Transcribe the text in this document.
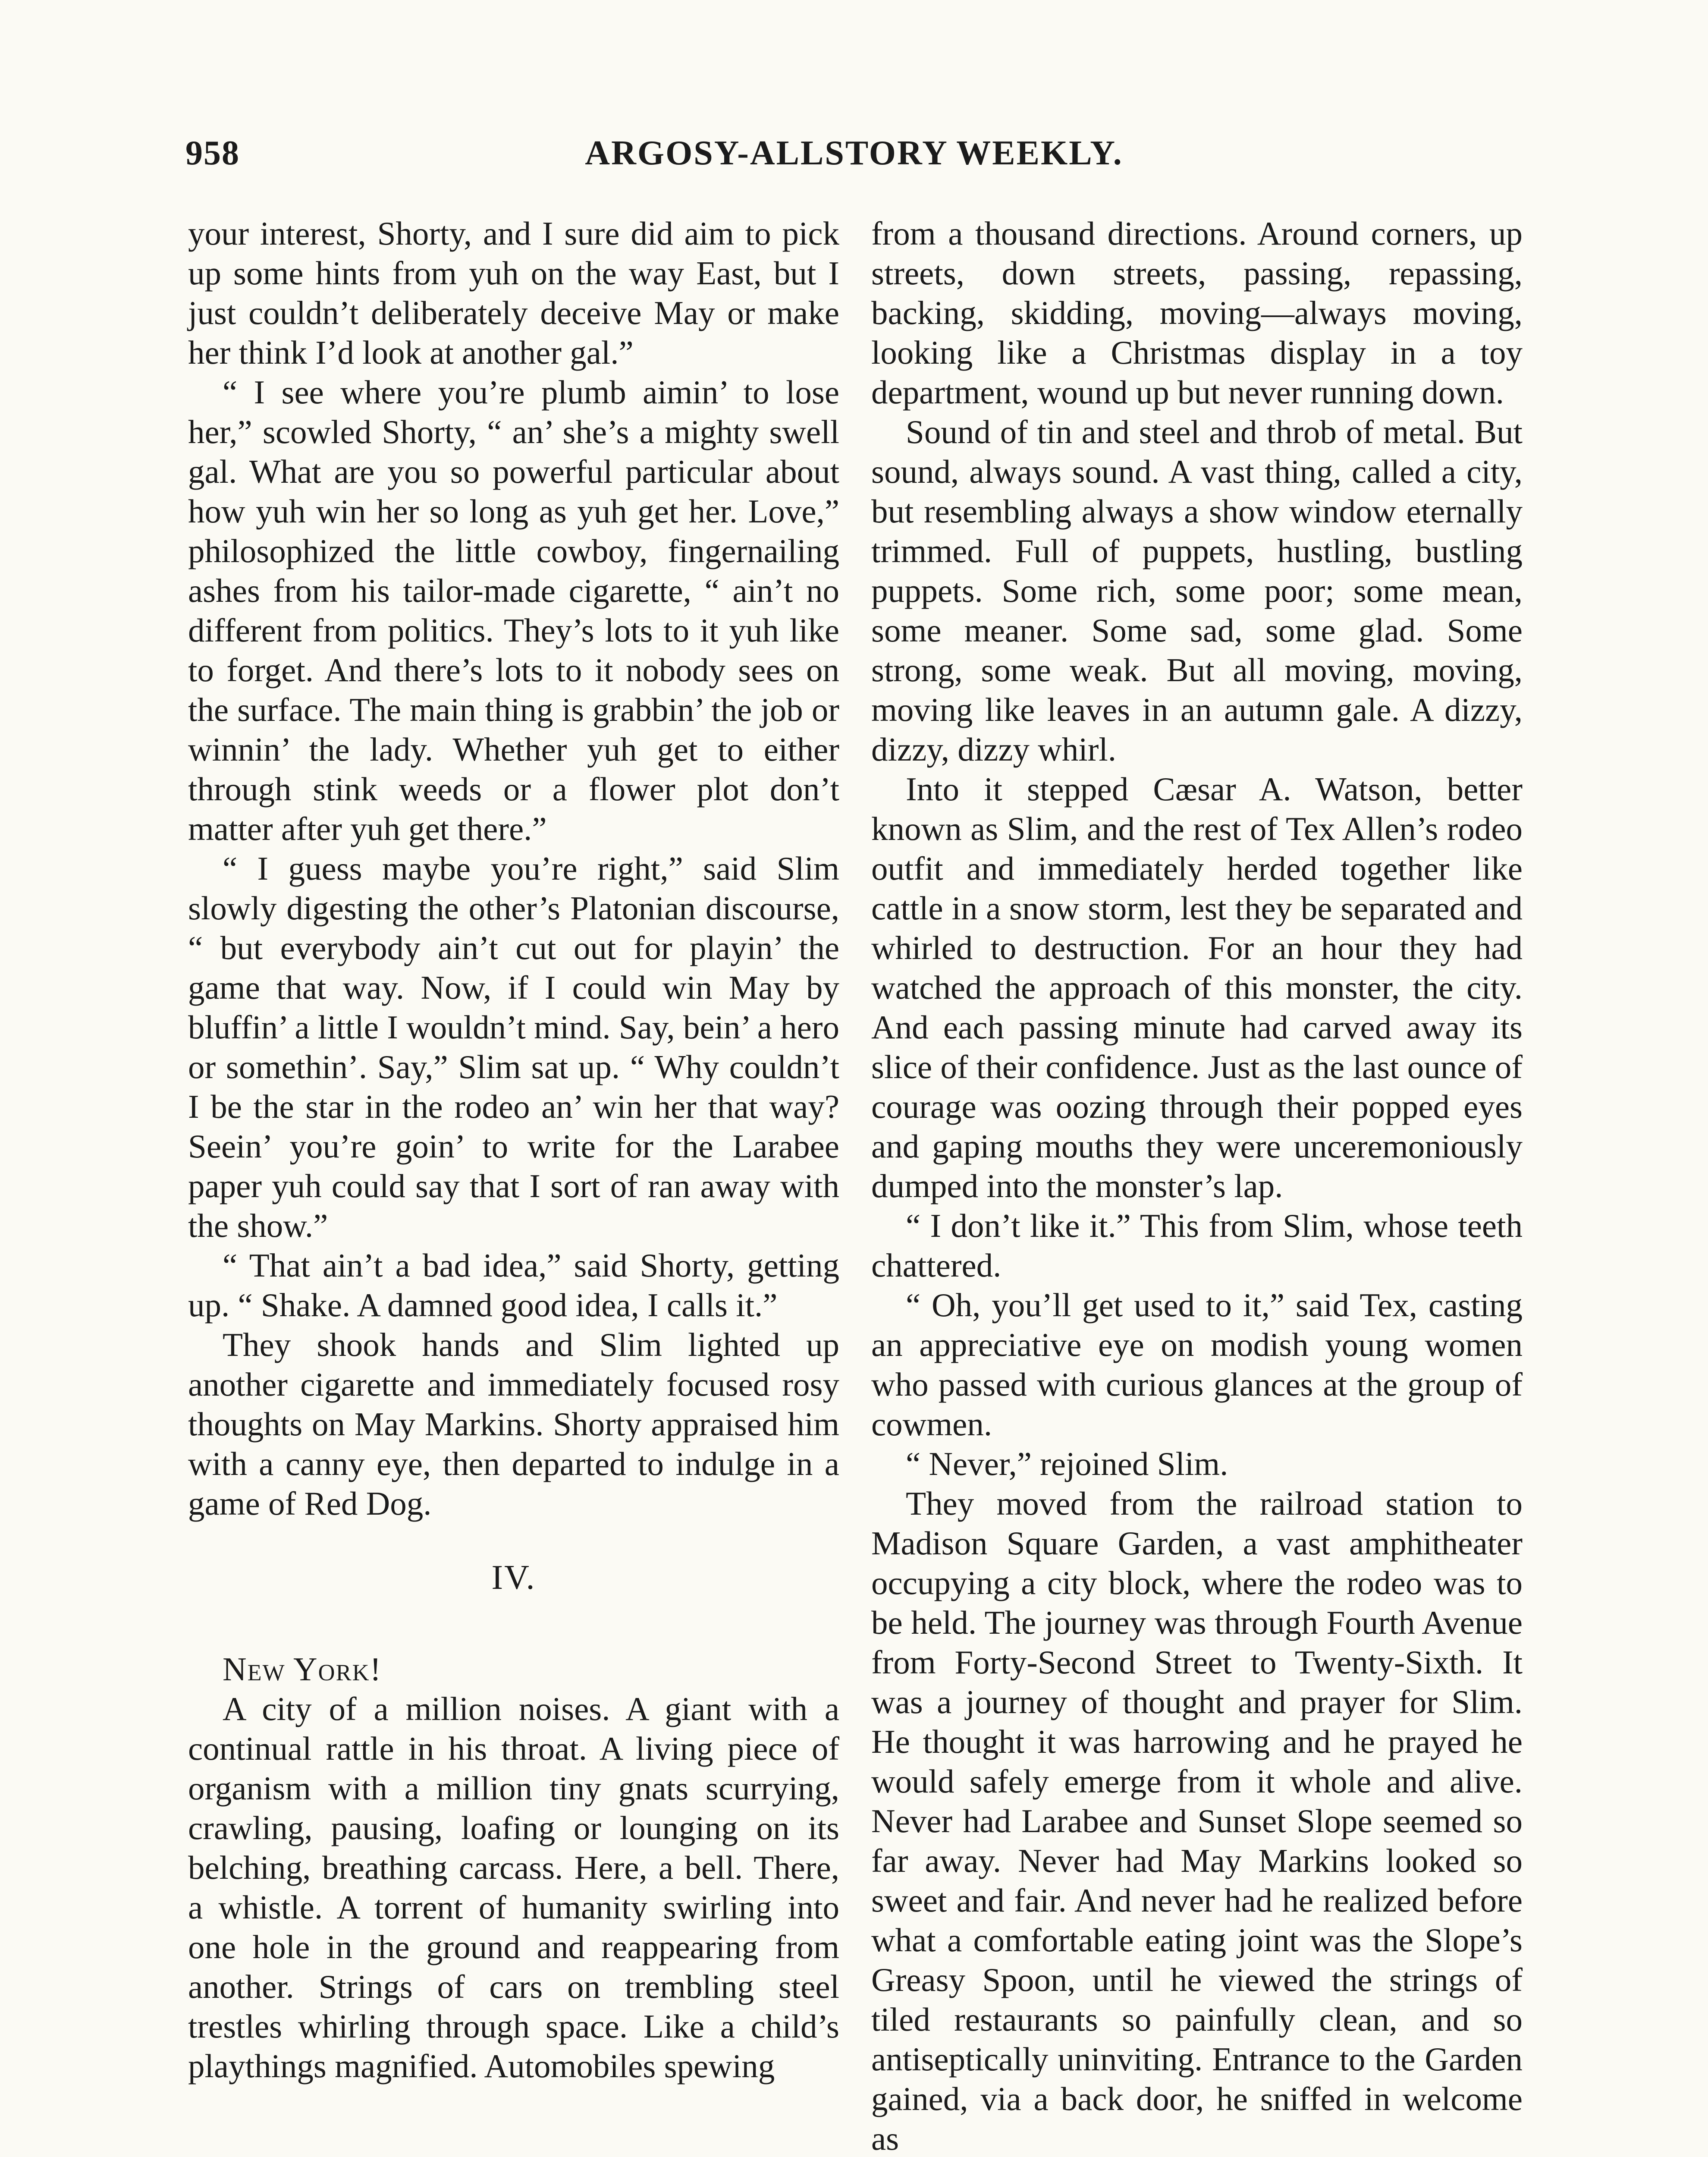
958	ARGOSY-ALLSTORY WEEKLY.

your interest, Shorty, and I sure did aim to pick up some hints from yuh on the way East, but I just couldn’t deliberately deceive May or make her think I’d look at another gal.”

“ I see where you’re plumb aimin’ to lose her,” scowled Shorty, “ an’ she’s a mighty swell gal. What are you so powerful particular about how yuh win her so long as yuh get her. Love,” philosophized the little cowboy, fingernailing ashes from his tailor-made cigarette, “ ain’t no different from politics. They’s lots to it yuh like to forget. And there’s lots to it nobody sees on the surface. The main thing is grabbin’ the job or winnin’ the lady. Whether yuh get to either through stink weeds or a flower plot don’t matter after yuh get there.”

“ I guess maybe you’re right,” said Slim slowly digesting the other’s Platonian discourse, “ but everybody ain’t cut out for playin’ the game that way. Now, if I could win May by bluffin’ a little I wouldn’t mind. Say, bein’ a hero or somethin’. Say,” Slim sat up. “ Why couldn’t I be the star in the rodeo an’ win her that way? Seein’ you’re goin’ to write for the Larabee paper yuh could say that I sort of ran away with the show.”

“ That ain’t a bad idea,” said Shorty, getting up. “ Shake. A damned good idea, I calls it.”

They shook hands and Slim lighted up another cigarette and immediately focused rosy thoughts on May Markins. Shorty appraised him with a canny eye, then departed to indulge in a game of Red Dog.

IV.

New York!

A city of a million noises. A giant with a continual rattle in his throat. A living piece of organism with a million tiny gnats scurrying, crawling, pausing, loafing or lounging on its belching, breathing carcass. Here, a bell. There, a whistle. A torrent of humanity swirling into one hole in the ground and reappearing from another. Strings of cars on trembling steel trestles whirling through space. Like a child’s playthings magnified. Automobiles spewing

from a thousand directions. Around corners, up streets, down streets, passing, repassing, backing, skidding, moving—always moving, looking like a Christmas display in a toy department, wound up but never running down.

Sound of tin and steel and throb of metal. But sound, always sound. A vast thing, called a city, but resembling always a show window eternally trimmed. Full of puppets, hustling, bustling puppets. Some rich, some poor; some mean, some meaner. Some sad, some glad. Some strong, some weak. But all moving, moving, moving like leaves in an autumn gale. A dizzy, dizzy, dizzy whirl.

Into it stepped Cæsar A. Watson, better known as Slim, and the rest of Tex Allen’s rodeo outfit and immediately herded together like cattle in a snow storm, lest they be separated and whirled to destruction. For an hour they had watched the approach of this monster, the city. And each passing minute had carved away its slice of their confidence. Just as the last ounce of courage was oozing through their popped eyes and gaping mouths they were unceremoniously dumped into the monster’s lap.

“ I don’t like it.” This from Slim, whose teeth chattered.

“ Oh, you’ll get used to it,” said Tex, casting an appreciative eye on modish young women who passed with curious glances at the group of cowmen.

“ Never,” rejoined Slim.

They moved from the railroad station to Madison Square Garden, a vast amphitheater occupying a city block, where the rodeo was to be held. The journey was through Fourth Avenue from Forty-Second Street to Twenty-Sixth. It was a journey of thought and prayer for Slim. He thought it was harrowing and he prayed he would safely emerge from it whole and alive. Never had Larabee and Sunset Slope seemed so far away. Never had May Markins looked so sweet and fair. And never had he realized before what a comfortable eating joint was the Slope’s Greasy Spoon, until he viewed the strings of tiled restaurants so painfully clean, and so antiseptically uninviting. Entrance to the Garden gained, via a back door, he sniffed in welcome as
